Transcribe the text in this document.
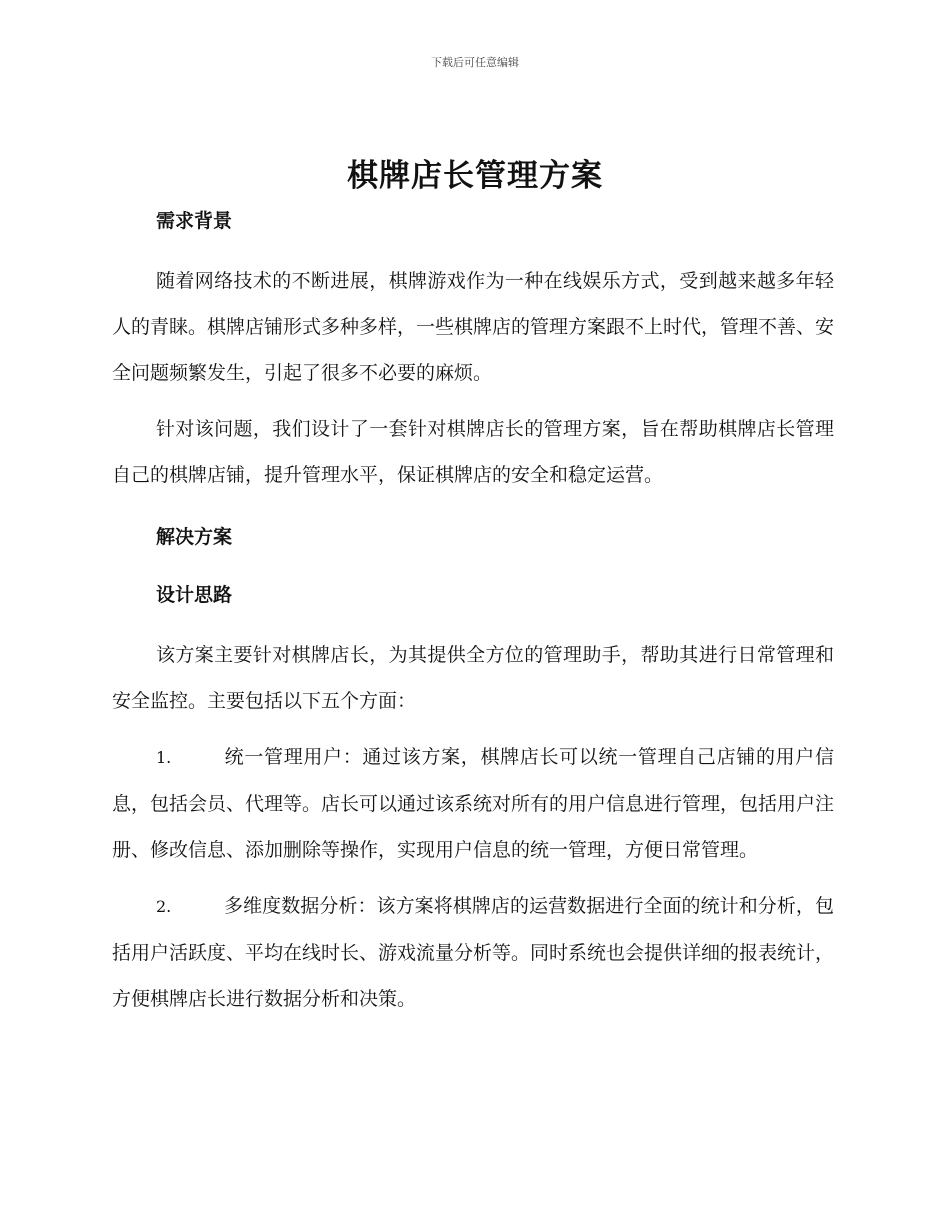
下载后可任意编辑
棋牌店长管理方案

需求背景

随着网络技术的不断进展，棋牌游戏作为一种在线娱乐方式，受到越来越多年轻人的青睐。棋牌店铺形式多种多样，一些棋牌店的管理方案跟不上时代，管理不善、安全问题频繁发生，引起了很多不必要的麻烦。

针对该问题，我们设计了一套针对棋牌店长的管理方案，旨在帮助棋牌店长管理自己的棋牌店铺，提升管理水平，保证棋牌店的安全和稳定运营。

解决方案

设计思路

该方案主要针对棋牌店长，为其提供全方位的管理助手，帮助其进行日常管理和安全监控。主要包括以下五个方面：

1.	统一管理用户：通过该方案，棋牌店长可以统一管理自己店铺的用户信息，包括会员、代理等。店长可以通过该系统对所有的用户信息进行管理，包括用户注册、修改信息、添加删除等操作，实现用户信息的统一管理，方便日常管理。

2.	多维度数据分析：该方案将棋牌店的运营数据进行全面的统计和分析，包括用户活跃度、平均在线时长、游戏流量分析等。同时系统也会提供详细的报表统计，方便棋牌店长进行数据分析和决策。
